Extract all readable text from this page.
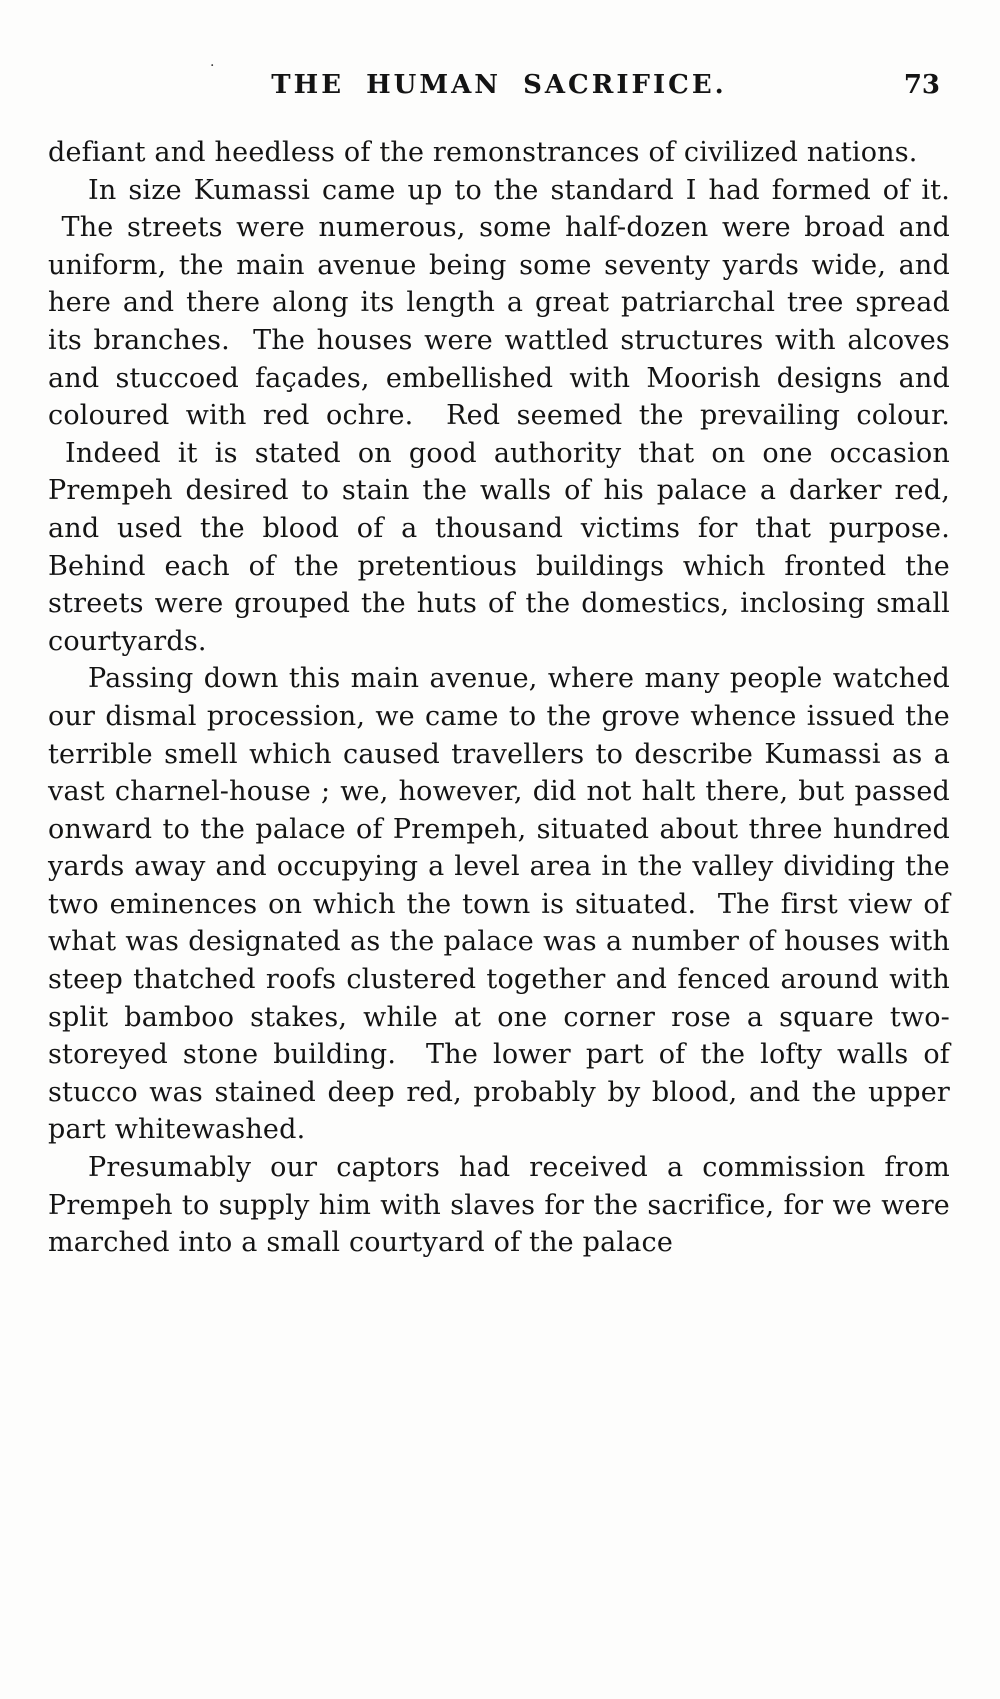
·
THE HUMAN SACRIFICE.	73

defiant and heedless of the remonstrances of civilized nations.

In size Kumassi came up to the standard I had formed of it.  The streets were numerous, some half-dozen were broad and uniform, the main avenue being some seventy yards wide, and here and there along its length a great patriarchal tree spread its branches.  The houses were wattled structures with alcoves and stuccoed façades, embellished with Moorish designs and coloured with red ochre.  Red seemed the prevailing colour.  Indeed it is stated on good authority that on one occasion Prempeh desired to stain the walls of his palace a darker red, and used the blood of a thousand victims for that purpose. Behind each of the pretentious buildings which fronted the streets were grouped the huts of the domestics, inclosing small courtyards.

Passing down this main avenue, where many people watched our dismal procession, we came to the grove whence issued the terrible smell which caused travellers to describe Kumassi as a vast charnel-house ; we, however, did not halt there, but passed onward to the palace of Prempeh, situated about three hundred yards away and occupying a level area in the valley dividing the two eminences on which the town is situated.  The first view of what was designated as the palace was a number of houses with steep thatched roofs clustered together and fenced around with split bamboo stakes, while at one corner rose a square two-storeyed stone building.  The lower part of the lofty walls of stucco was stained deep red, probably by blood, and the upper part whitewashed.

Presumably our captors had received a commission from Prempeh to supply him with slaves for the sacrifice, for we were marched into a small courtyard of the palace
